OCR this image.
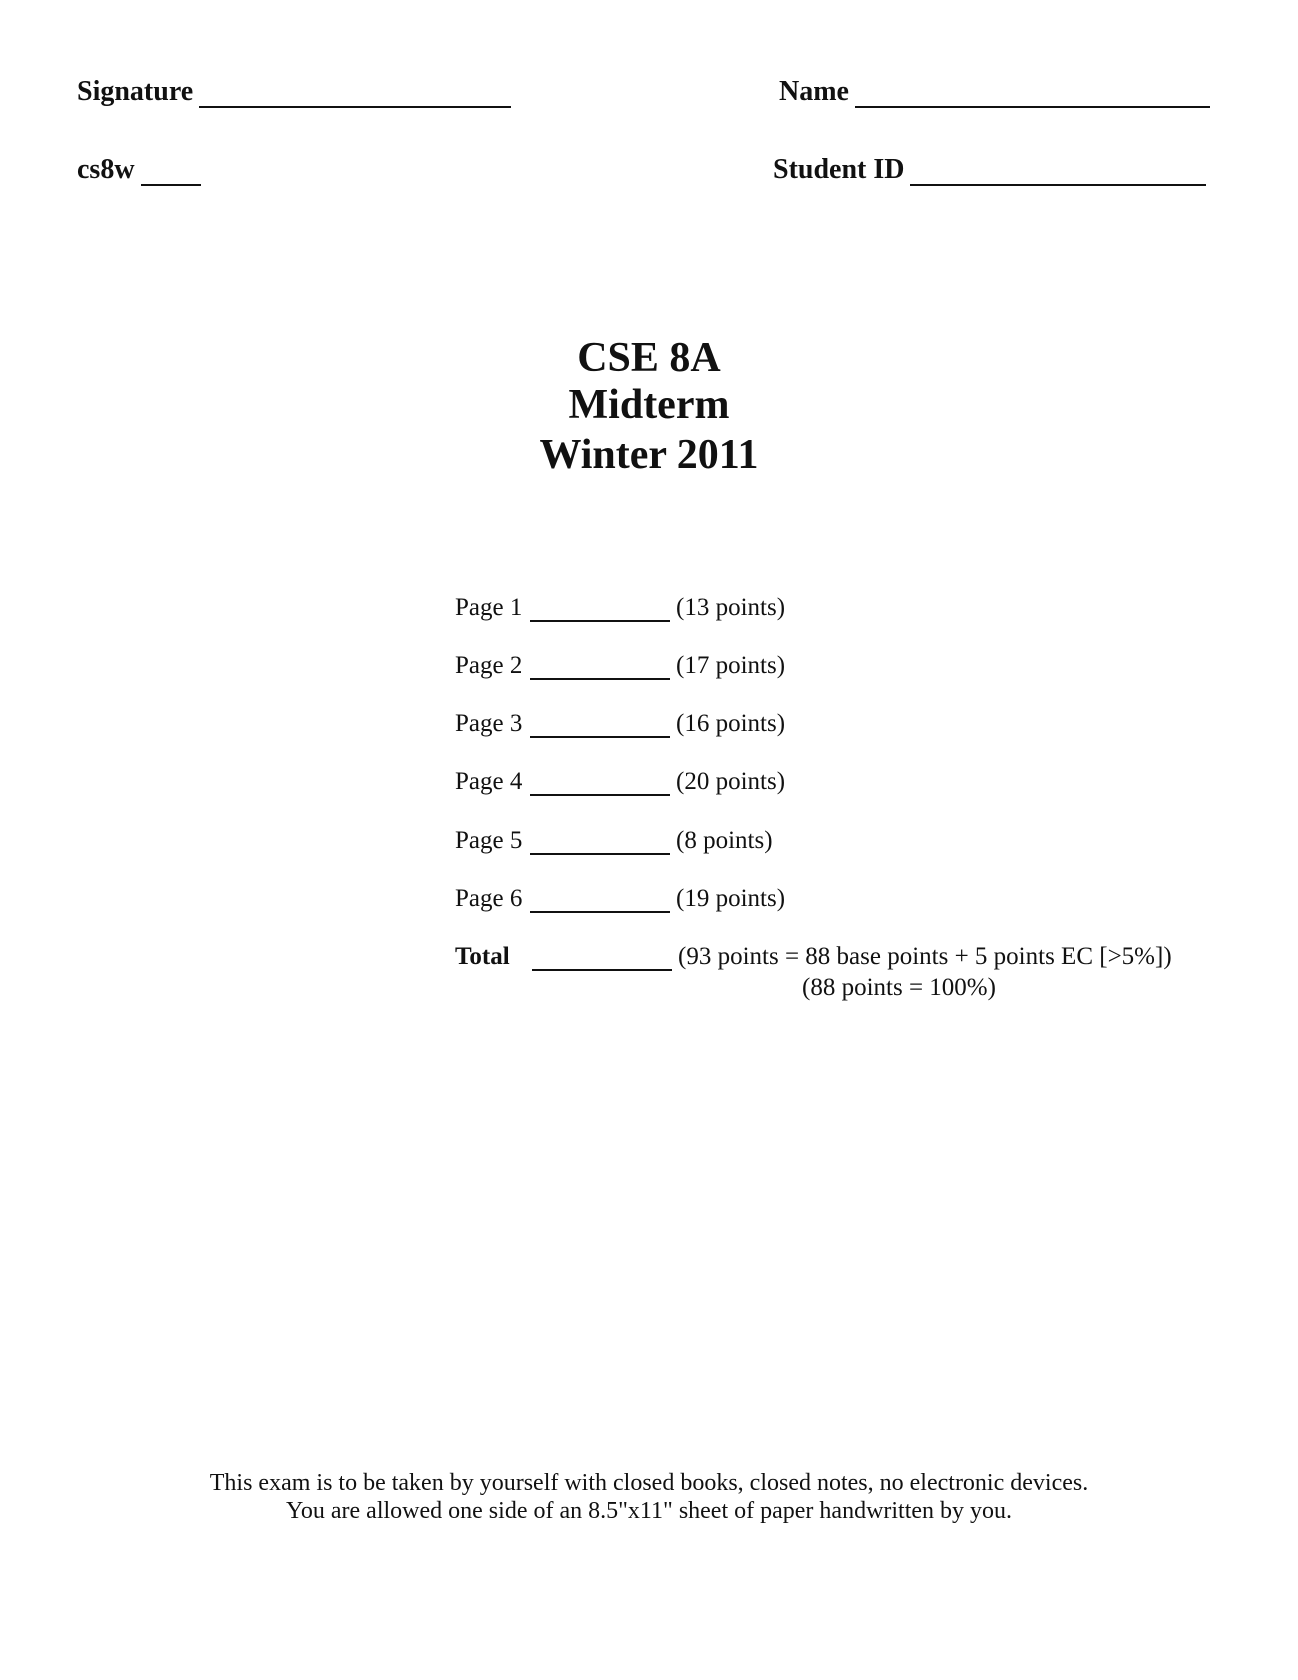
Signature	Name
cs8w	Student ID
CSE 8A
Midterm
Winter 2011
Page 1	(13 points)
Page 2	(17 points)
Page 3	(16 points)
Page 4	(20 points)
Page 5	(8 points)
Page 6	(19 points)
Total	(93 points = 88 base points + 5 points EC [>5%])
(88 points = 100%)
This exam is to be taken by yourself with closed books, closed notes, no electronic devices.
You are allowed one side of an 8.5"x11" sheet of paper handwritten by you.
